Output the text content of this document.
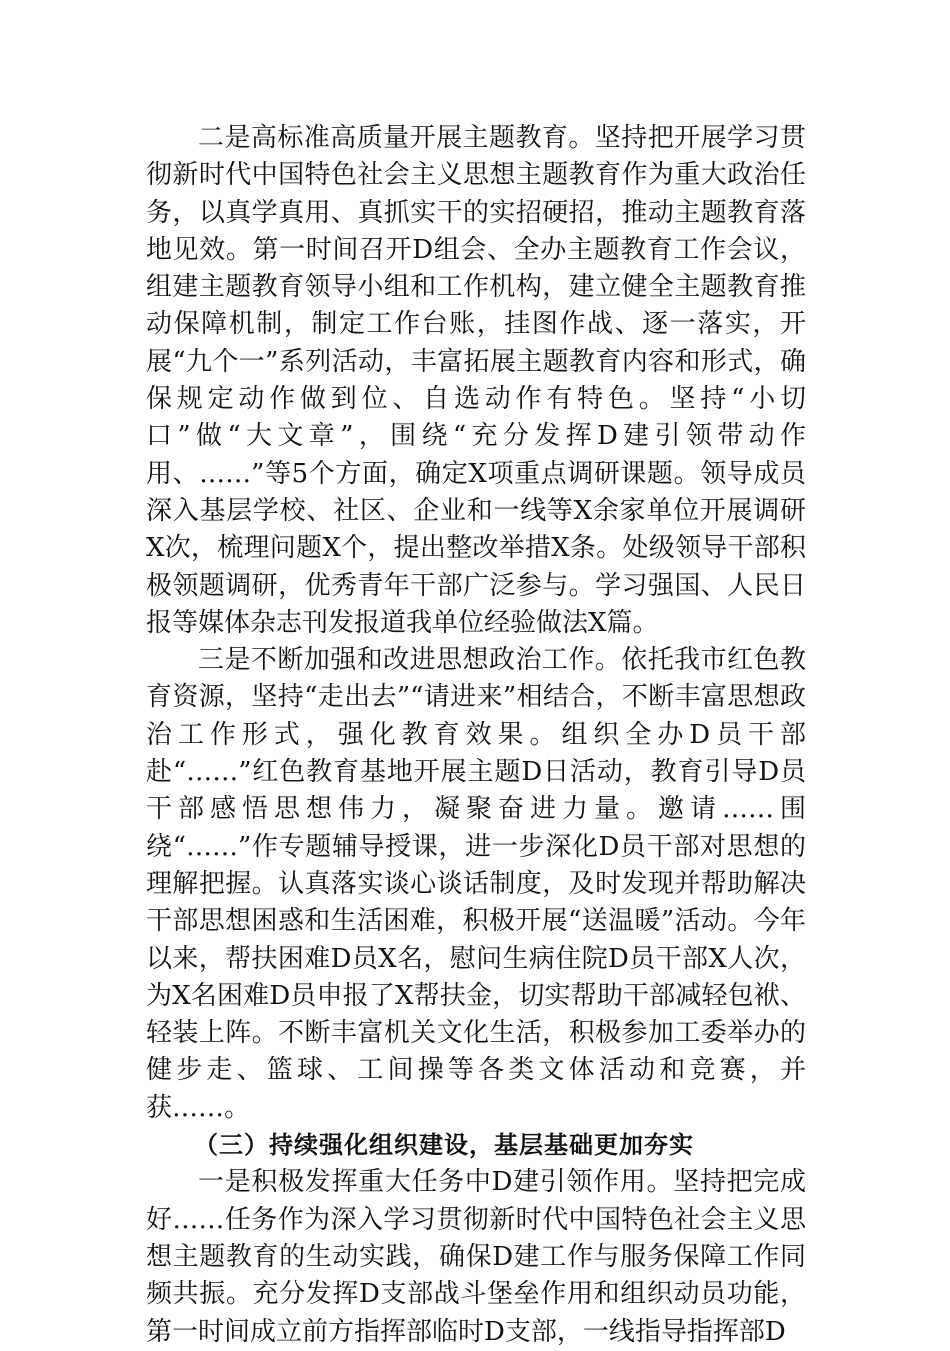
二是高标准高质量开展主题教育。坚持把开展学习贯彻新时代中国特色社会主义思想主题教育作为重大政治任务，以真学真用、真抓实干的实招硬招，推动主题教育落地见效。第一时间召开D组会、全办主题教育工作会议，组建主题教育领导小组和工作机构，建立健全主题教育推动保障机制，制定工作台账，挂图作战、逐一落实，开展“九个一”系列活动，丰富拓展主题教育内容和形式，确保规定动作做到位、自选动作有特色。坚持“小切口”做“大文章”，围绕“充分发挥D建引领带动作用、……”等5个方面，确定X项重点调研课题。领导成员深入基层学校、社区、企业和一线等X余家单位开展调研X次，梳理问题X个，提出整改举措X条。处级领导干部积极领题调研，优秀青年干部广泛参与。学习强国、人民日报等媒体杂志刊发报道我单位经验做法X篇。

三是不断加强和改进思想政治工作。依托我市红色教育资源，坚持“走出去”“请进来”相结合，不断丰富思想政治工作形式，强化教育效果。组织全办D员干部赴“……”红色教育基地开展主题D日活动，教育引导D员干部感悟思想伟力，凝聚奋进力量。邀请……围绕“……”作专题辅导授课，进一步深化D员干部对思想的理解把握。认真落实谈心谈话制度，及时发现并帮助解决干部思想困惑和生活困难，积极开展“送温暖”活动。今年以来，帮扶困难D员X名，慰问生病住院D员干部X人次，为X名困难D员申报了X帮扶金，切实帮助干部减轻包袱、轻装上阵。不断丰富机关文化生活，积极参加工委举办的健步走、篮球、工间操等各类文体活动和竞赛，并获……。

（三）持续强化组织建设，基层基础更加夯实

一是积极发挥重大任务中D建引领作用。坚持把完成好……任务作为深入学习贯彻新时代中国特色社会主义思想主题教育的生动实践，确保D建工作与服务保障工作同频共振。充分发挥D支部战斗堡垒作用和组织动员功能，第一时间成立前方指挥部临时D支部，一线指导指挥部D
